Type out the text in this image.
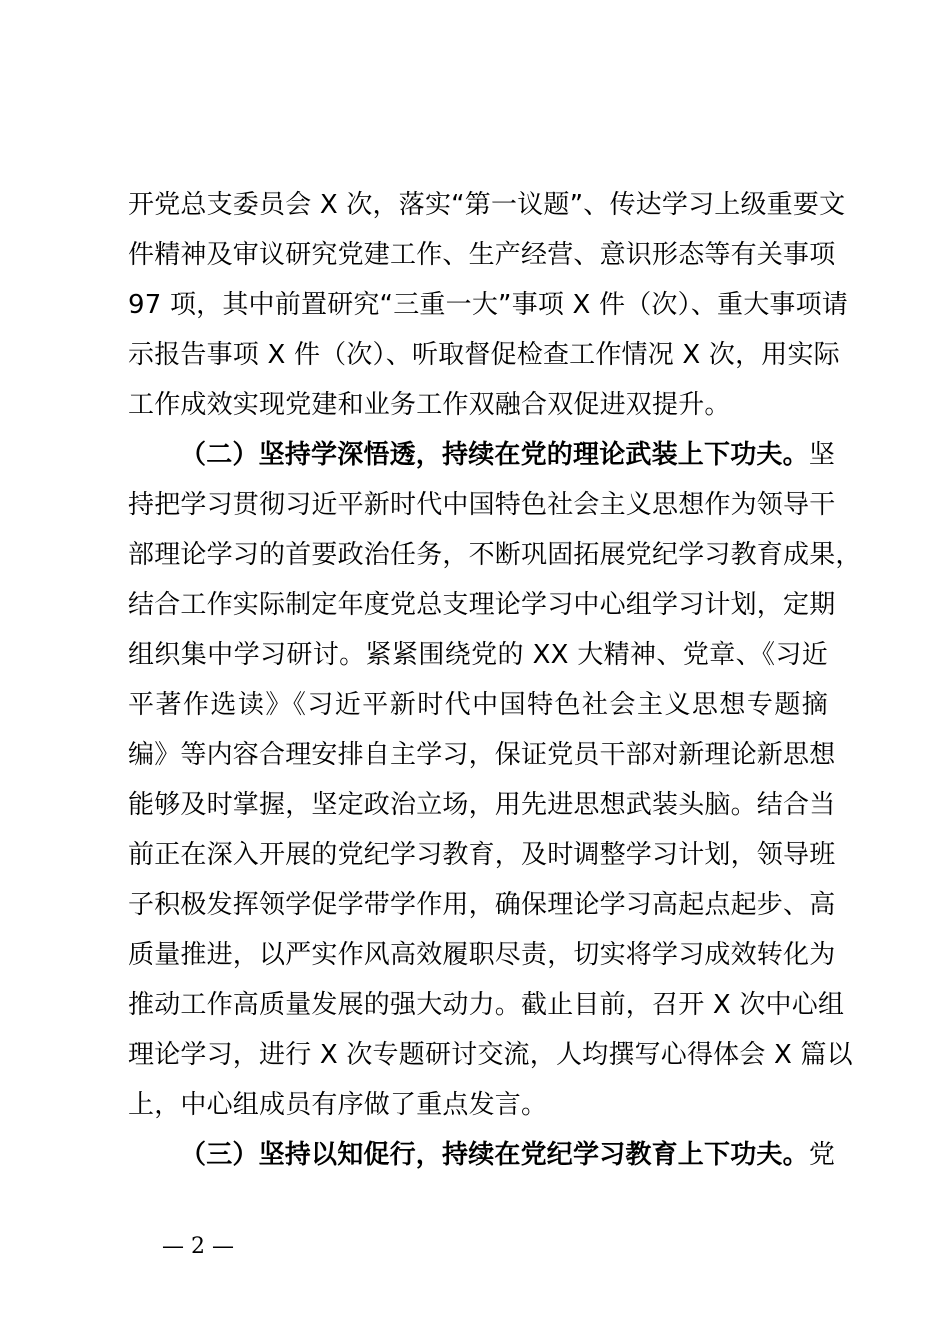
开党总支委员会 X 次，落实“第一议题”、传达学习上级重要文
件精神及审议研究党建工作、生产经营、意识形态等有关事项
97 项，其中前置研究“三重一大”事项 X 件（次）、重大事项请
示报告事项 X 件（次）、听取督促检查工作情况 X 次，用实际
工作成效实现党建和业务工作双融合双促进双提升。
（二）坚持学深悟透，持续在党的理论武装上下功夫。坚
持把学习贯彻习近平新时代中国特色社会主义思想作为领导干
部理论学习的首要政治任务，不断巩固拓展党纪学习教育成果，
结合工作实际制定年度党总支理论学习中心组学习计划，定期
组织集中学习研讨。紧紧围绕党的 XX 大精神、党章、《习近
平著作选读》《习近平新时代中国特色社会主义思想专题摘
编》等内容合理安排自主学习，保证党员干部对新理论新思想
能够及时掌握，坚定政治立场，用先进思想武装头脑。结合当
前正在深入开展的党纪学习教育，及时调整学习计划，领导班
子积极发挥领学促学带学作用，确保理论学习高起点起步、高
质量推进，以严实作风高效履职尽责，切实将学习成效转化为
推动工作高质量发展的强大动力。截止目前，召开 X 次中心组
理论学习，进行 X 次专题研讨交流，人均撰写心得体会 X 篇以
上，中心组成员有序做了重点发言。
（三）坚持以知促行，持续在党纪学习教育上下功夫。党
— 2 —
